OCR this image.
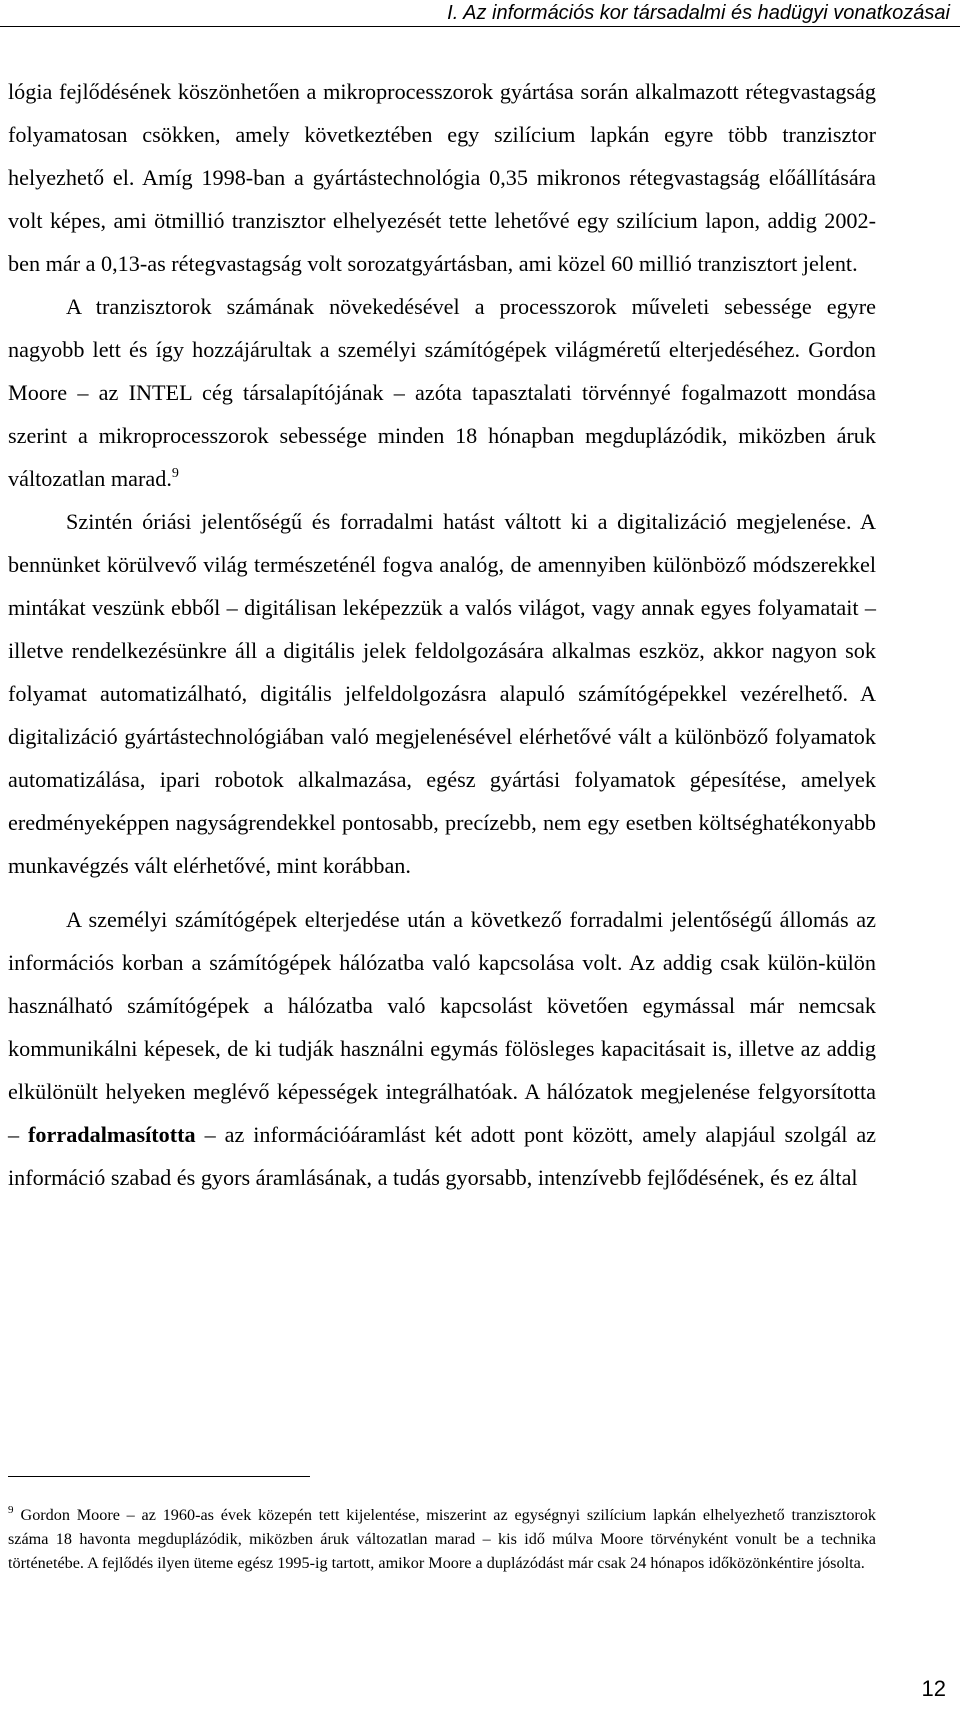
I. Az információs kor társadalmi és hadügyi vonatkozásai

lógia fejlődésének köszönhetően a mikroprocesszorok gyártása során alkalmazott rétegvastagság folyamatosan csökken, amely következtében egy szilícium lapkán egyre több tranzisztor helyezhető el. Amíg 1998-ban a gyártástechnológia 0,35 mikronos rétegvastagság előállítására volt képes, ami ötmillió tranzisztor elhelyezését tette lehetővé egy szilícium lapon, addig 2002-ben már a 0,13-as rétegvastagság volt sorozatgyártásban, ami közel 60 millió tranzisztort jelent.

A tranzisztorok számának növekedésével a processzorok műveleti sebessége egyre nagyobb lett és így hozzájárultak a személyi számítógépek világméretű elterjedéséhez. Gordon Moore – az INTEL cég társalapítójának – azóta tapasztalati törvénnyé fogalmazott mondása szerint a mikroprocesszorok sebessége minden 18 hónapban megduplázódik, miközben áruk változatlan marad.$^9$

Szintén óriási jelentőségű és forradalmi hatást váltott ki a digitalizáció megjelenése. A bennünket körülvevő világ természeténél fogva analóg, de amennyiben különböző módszerekkel mintákat veszünk ebből – digitálisan leképezzük a valós világot, vagy annak egyes folyamatait – illetve rendelkezésünkre áll a digitális jelek feldolgozására alkalmas eszköz, akkor nagyon sok folyamat automatizálható, digitális jelfeldolgozásra alapuló számítógépekkel vezérelhető. A digitalizáció gyártástechnológiában való megjelenésével elérhetővé vált a különböző folyamatok automatizálása, ipari robotok alkalmazása, egész gyártási folyamatok gépesítése, amelyek eredményeképpen nagyságrendekkel pontosabb, precízebb, nem egy esetben költséghatékonyabb munkavégzés vált elérhetővé, mint korábban.

A személyi számítógépek elterjedése után a következő forradalmi jelentőségű állomás az információs korban a számítógépek hálózatba való kapcsolása volt. Az addig csak külön-külön használható számítógépek a hálózatba való kapcsolást követően egymással már nemcsak kommunikálni képesek, de ki tudják használni egymás fölösleges kapacitásait is, illetve az addig elkülönült helyeken meglévő képességek integrálhatóak. A hálózatok megjelenése felgyorsította – forradalmasította – az információáramlást két adott pont között, amely alapjául szolgál az információ szabad és gyors áramlásának, a tudás gyorsabb, intenzívebb fejlődésének, és ez által

$^9$ Gordon Moore – az 1960-as évek közepén tett kijelentése, miszerint az egységnyi szilícium lapkán elhelyezhető tranzisztorok száma 18 havonta megduplázódik, miközben áruk változatlan marad – kis idő múlva Moore törvényként vonult be a technika történetébe. A fejlődés ilyen üteme egész 1995-ig tartott, amikor Moore a duplázódást már csak 24 hónapos időközönkéntire jósolta.
12
